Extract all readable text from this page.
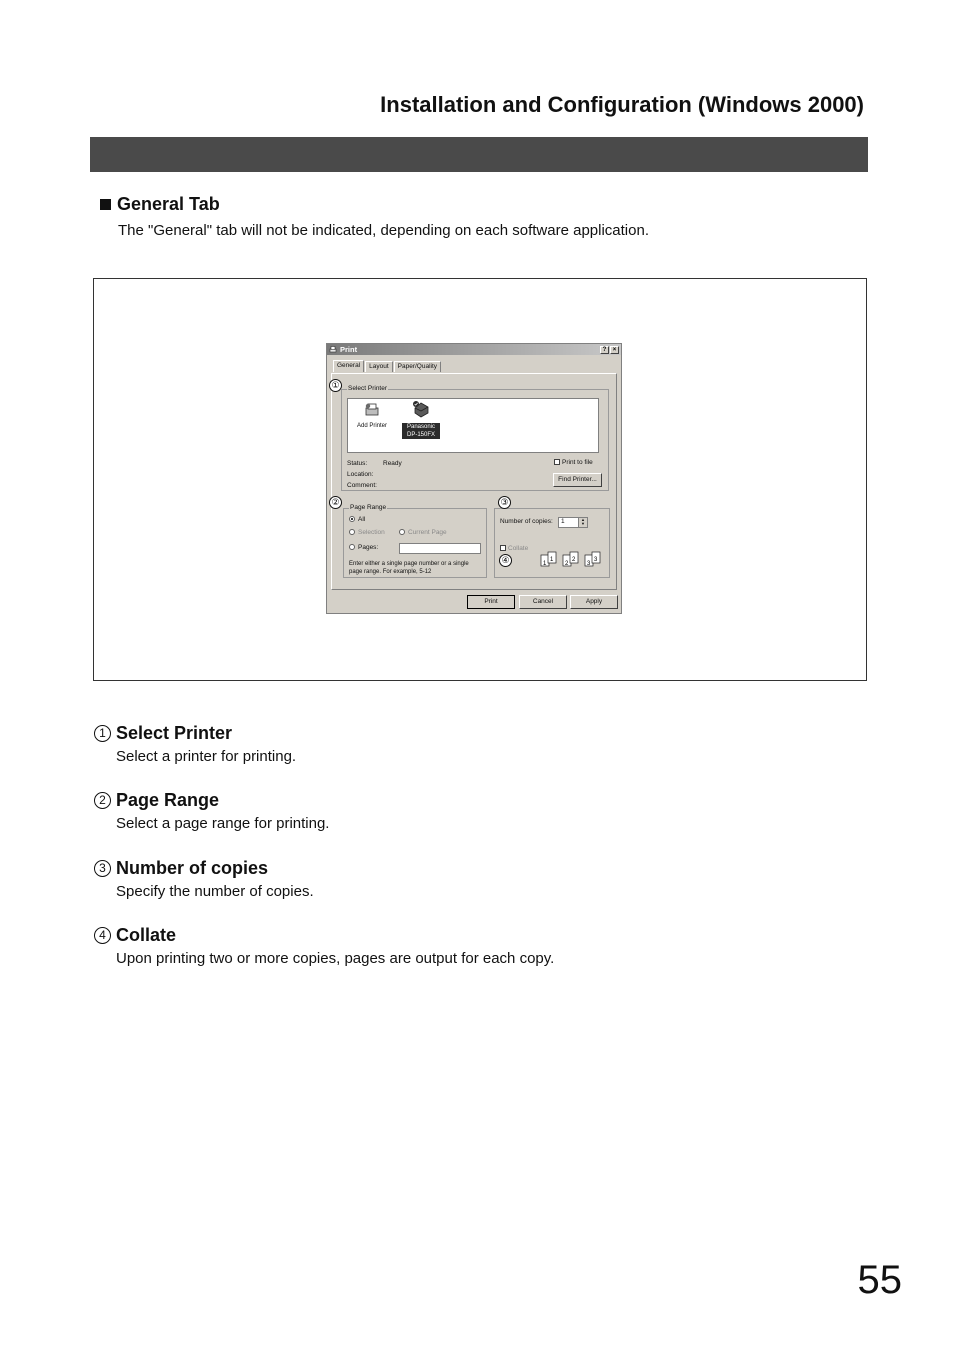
Installation and Configuration (Windows 2000)
General Tab
The "General" tab will not be indicated, depending on each software application.
Print	?	×
General	Layout	Paper/Quality
Select Printer
Add Printer	Panasonic
DP-150FX
Status: Ready
Location:
Comment:
Print to file
Find Printer...
Page Range
All
Selection	Current Page
Pages:
Enter either a single page number or a single
page range. For example, 5-12
Number of copies:	1	▲
▼
Collate
1
1
2
2
3
3
Print	Cancel	Apply
①
②	③
④
1 Select Printer
Select a printer for printing.
2 Page Range
Select a page range for printing.
3 Number of copies
Specify the number of copies.
4 Collate
Upon printing two or more copies, pages are output for each copy.
55
